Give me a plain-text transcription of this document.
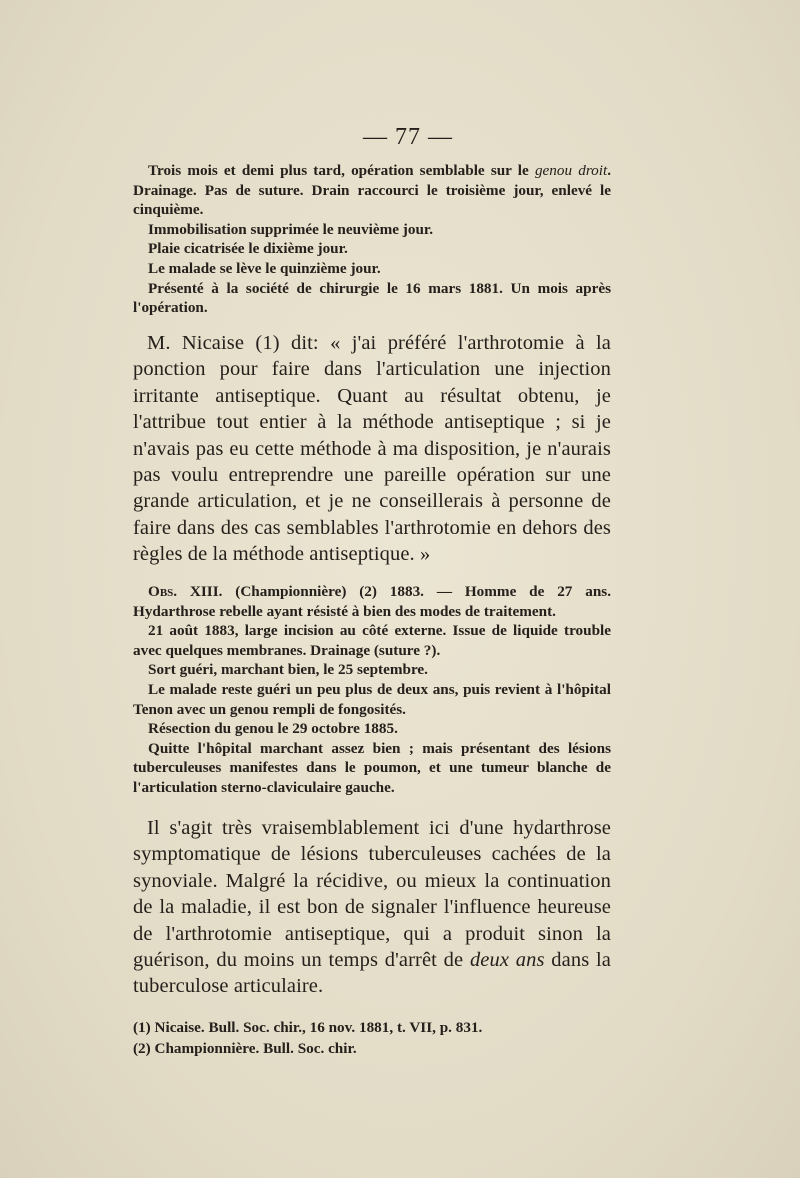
— 77 —

Trois mois et demi plus tard, opération semblable sur le genou droit. Drainage. Pas de suture. Drain raccourci le troisième jour, enlevé le cinquième.

Immobilisation supprimée le neuvième jour.

Plaie cicatrisée le dixième jour.

Le malade se lève le quinzième jour.

Présenté à la société de chirurgie le 16 mars 1881. Un mois après l'opération.

M. Nicaise (1) dit: « j'ai préféré l'arthrotomie à la ponction pour faire dans l'articulation une injection irritante antiseptique. Quant au résultat obtenu, je l'attribue tout entier à la méthode antiseptique ; si je n'avais pas eu cette méthode à ma disposition, je n'aurais pas voulu entreprendre une pareille opération sur une grande articulation, et je ne conseillerais à personne de faire dans des cas semblables l'arthrotomie en dehors des règles de la méthode antiseptique. »

Obs. XIII. (Championnière) (2) 1883. — Homme de 27 ans. Hydarthrose rebelle ayant résisté à bien des modes de traitement.

21 août 1883, large incision au côté externe. Issue de liquide trouble avec quelques membranes. Drainage (suture ?).

Sort guéri, marchant bien, le 25 septembre.

Le malade reste guéri un peu plus de deux ans, puis revient à l'hôpital Tenon avec un genou rempli de fongosités.

Résection du genou le 29 octobre 1885.

Quitte l'hôpital marchant assez bien ; mais présentant des lésions tuberculeuses manifestes dans le poumon, et une tumeur blanche de l'articulation sterno-claviculaire gauche.

Il s'agit très vraisemblablement ici d'une hydarthrose symptomatique de lésions tuberculeuses cachées de la synoviale. Malgré la récidive, ou mieux la continuation de la maladie, il est bon de signaler l'influence heureuse de l'arthrotomie antiseptique, qui a produit sinon la guérison, du moins un temps d'arrêt de deux ans dans la tuberculose articulaire.

(1) Nicaise. Bull. Soc. chir., 16 nov. 1881, t. VII, p. 831.

(2) Championnière. Bull. Soc. chir.
